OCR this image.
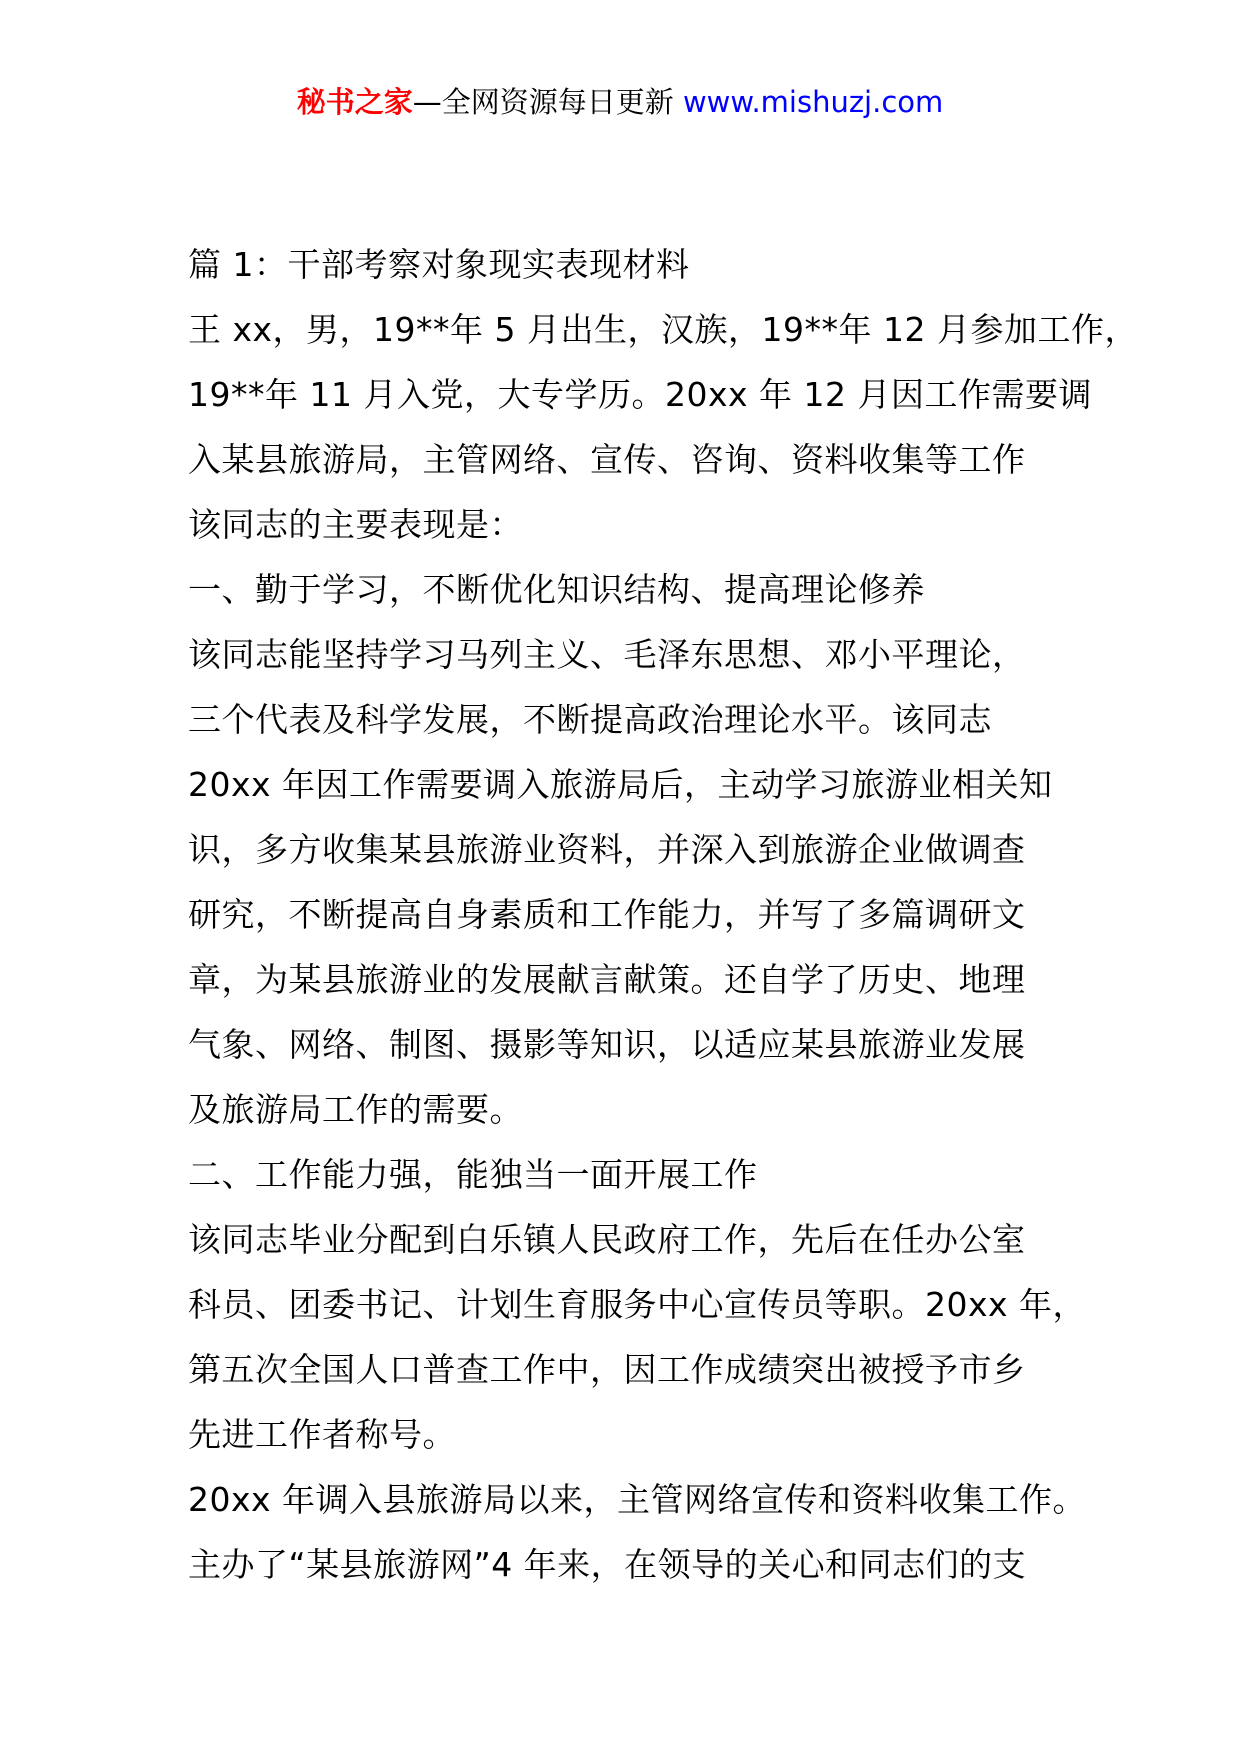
秘书之家—全网资源每日更新 www.mishuzj.com
篇 1：干部考察对象现实表现材料
王 xx，男，19**年 5 月出生，汉族，19**年 12 月参加工作，
19**年 11 月入党，大专学历。20xx 年 12 月因工作需要调
入某县旅游局，主管网络、宣传、咨询、资料收集等工作
该同志的主要表现是：
一、勤于学习，不断优化知识结构、提高理论修养
该同志能坚持学习马列主义、毛泽东思想、邓小平理论，
三个代表及科学发展，不断提高政治理论水平。该同志
20xx 年因工作需要调入旅游局后，主动学习旅游业相关知
识，多方收集某县旅游业资料，并深入到旅游企业做调查
研究，不断提高自身素质和工作能力，并写了多篇调研文
章，为某县旅游业的发展献言献策。还自学了历史、地理
气象、网络、制图、摄影等知识，以适应某县旅游业发展
及旅游局工作的需要。
二、工作能力强，能独当一面开展工作
该同志毕业分配到白乐镇人民政府工作，先后在任办公室
科员、团委书记、计划生育服务中心宣传员等职。20xx 年，
第五次全国人口普查工作中，因工作成绩突出被授予市乡
先进工作者称号。
20xx 年调入县旅游局以来，主管网络宣传和资料收集工作。
主办了“某县旅游网”4 年来，在领导的关心和同志们的支
